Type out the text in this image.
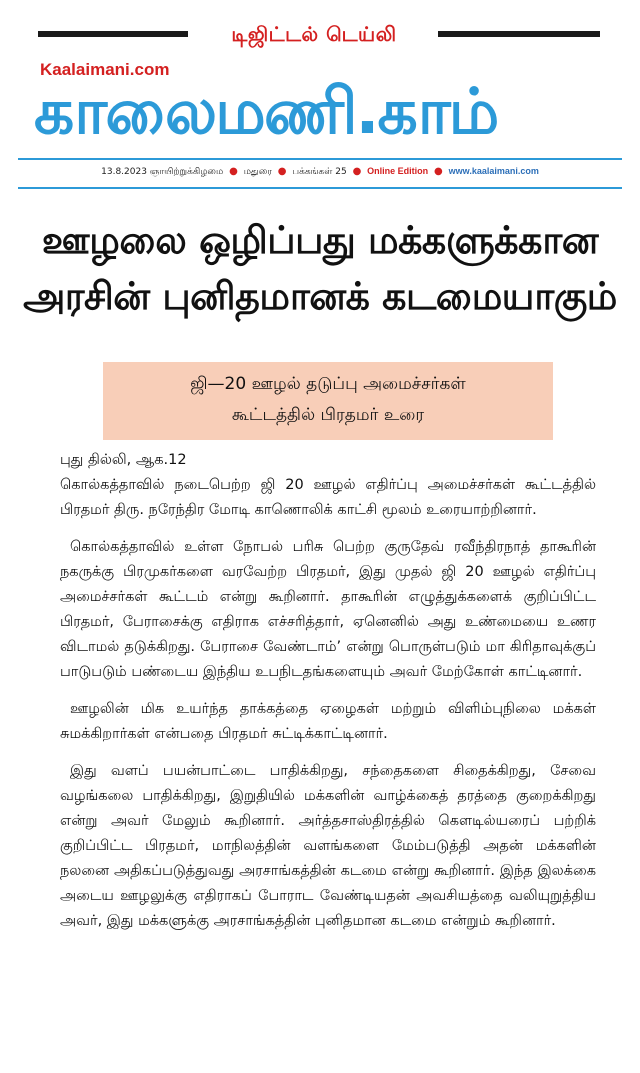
டிஜிட்டல் டெய்லி
Kaalaimani.com
காலைமணி.காம்
13.8.2023 ஞாயிற்றுக்கிழமை ● மதுரை ● பக்கங்கள் 25 ● Online Edition ● www.kaalaimani.com
ஊழலை ஒழிப்பது மக்களுக்கான
அரசின் புனிதமானக் கடமையாகும்
ஜி—20 ஊழல் தடுப்பு அமைச்சர்கள்
கூட்டத்தில் பிரதமர் உரை

புது தில்லி, ஆக.12

கொல்கத்தாவில் நடைபெற்ற ஜி 20 ஊழல் எதிர்ப்பு அமைச்சர்கள் கூட்டத்தில் பிரதமர் திரு. நரேந்திர மோடி காணொலிக் காட்சி மூலம் உரையாற்றினார்.

கொல்கத்தாவில் உள்ள நோபல் பரிசு பெற்ற குருதேவ் ரவீந்திரநாத் தாகூரின் நகருக்கு பிரமுகர்களை வரவேற்ற பிரதமர், இது முதல் ஜி 20 ஊழல் எதிர்ப்பு அமைச்சர்கள் கூட்டம் என்று கூறினார். தாகூரின் எழுத்துக்களைக் குறிப்பிட்ட பிரதமர், பேராசைக்கு எதிராக எச்சரித்தார், ஏனெனில் அது உண்மையை உணர விடாமல் தடுக்கிறது. பேராசை வேண்டாம்’ என்று பொருள்படும் மா கிரிதாவுக்குப் பாடுபடும் பண்டைய இந்திய உபநிடதங்களையும் அவர் மேற்கோள் காட்டினார்.

ஊழலின் மிக உயர்ந்த தாக்கத்தை ஏழைகள் மற்றும் விளிம்புநிலை மக்கள் சுமக்கிறார்கள் என்பதை பிரதமர் சுட்டிக்காட்டினார்.

இது வளப் பயன்பாட்டை பாதிக்கிறது, சந்தைகளை சிதைக்கிறது, சேவை வழங்கலை பாதிக்கிறது, இறுதியில் மக்களின் வாழ்க்கைத் தரத்தை குறைக்கிறது என்று அவர் மேலும் கூறினார். அர்த்தசாஸ்திரத்தில் கௌடில்யரைப் பற்றிக் குறிப்பிட்ட பிரதமர், மாநிலத்தின் வளங்களை மேம்படுத்தி அதன் மக்களின் நலனை அதிகப்படுத்துவது அரசாங்கத்தின் கடமை என்று கூறினார். இந்த இலக்கை அடைய ஊழலுக்கு எதிராகப் போராட வேண்டியதன் அவசியத்தை வலியுறுத்திய அவர், இது மக்களுக்கு அரசாங்கத்தின் புனிதமான கடமை என்றும் கூறினார்.
